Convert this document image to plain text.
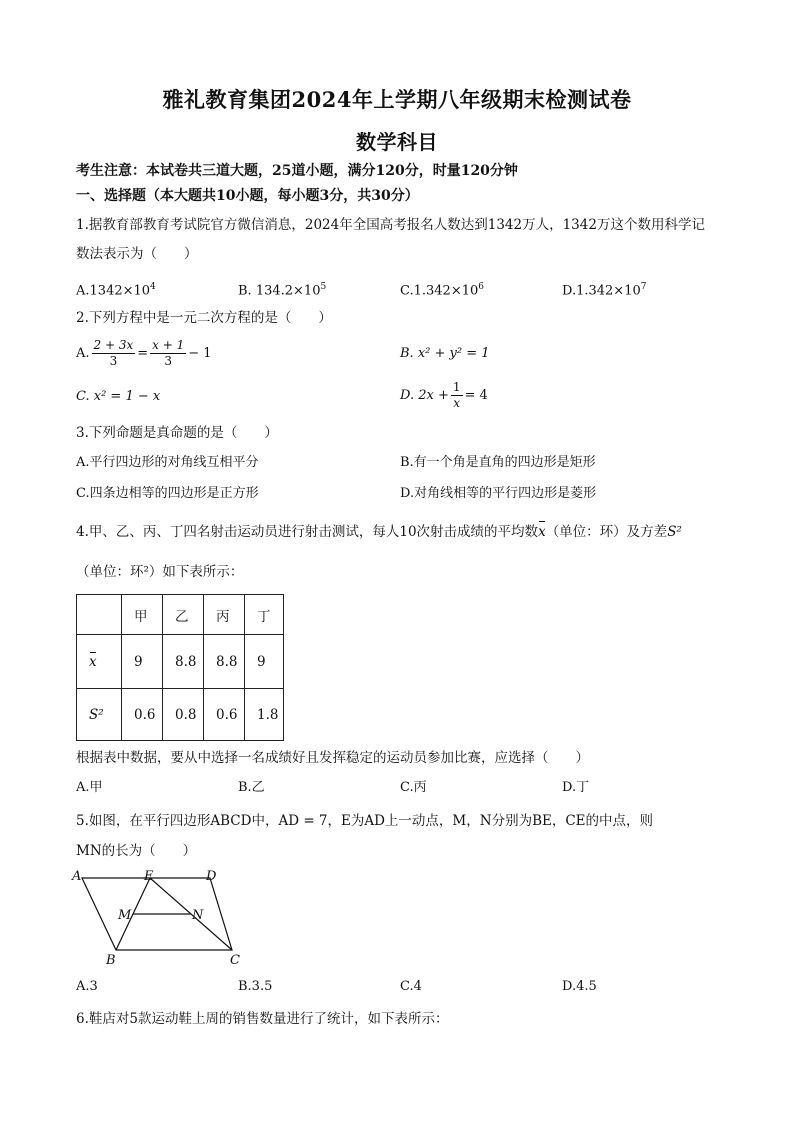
雅礼教育集团2024年上学期八年级期末检测试卷
数学科目
考生注意：本试卷共三道大题，25道小题，满分120分，时量120分钟
一、选择题（本大题共10小题，每小题3分，共30分）
1.据教育部教育考试院官方微信消息，2024年全国高考报名人数达到1342万人，1342万这个数用科学记
数法表示为（　　）
$A.1342\times 10^4$	B. $134.2\times 10^5$	$C.1.342\times 10^6$	$D.1.342\times 10^7$
2.下列方程中是一元二次方程的是（　　）
A. $\frac{2 + 3x}{3} = \frac{x + 1}{3} - 1$	B. x² + y² = 1
C. x² = 1 − x	D. $2x + \frac{1}{x} = 4$
3.下列命题是真命题的是（　　）
A.平行四边形的对角线互相平分	B.有一个角是直角的四边形是矩形
C.四条边相等的四边形是正方形	D.对角线相等的平行四边形是菱形
4.甲、乙、丙、丁四名射击运动员进行射击测试，每人10次射击成绩的平均数x（单位：环）及方差S²
（单位：环²）如下表所示：
	甲	乙	丙	丁
x	9	8.8	8.8	9
S²	0.6	0.8	0.6	1.8
根据表中数据，要从中选择一名成绩好且发挥稳定的运动员参加比赛，应选择（　　）
A.甲	B.乙	C.丙	D.丁
5.如图，在平行四边形ABCD中，AD = 7，E为AD上一动点，M，N分别为BE，CE的中点，则
MN的长为（　　）
A	E	D
M	N
B	C
A.3	B.3.5	C.4	D.4.5
6.鞋店对5款运动鞋上周的销售数量进行了统计，如下表所示：
